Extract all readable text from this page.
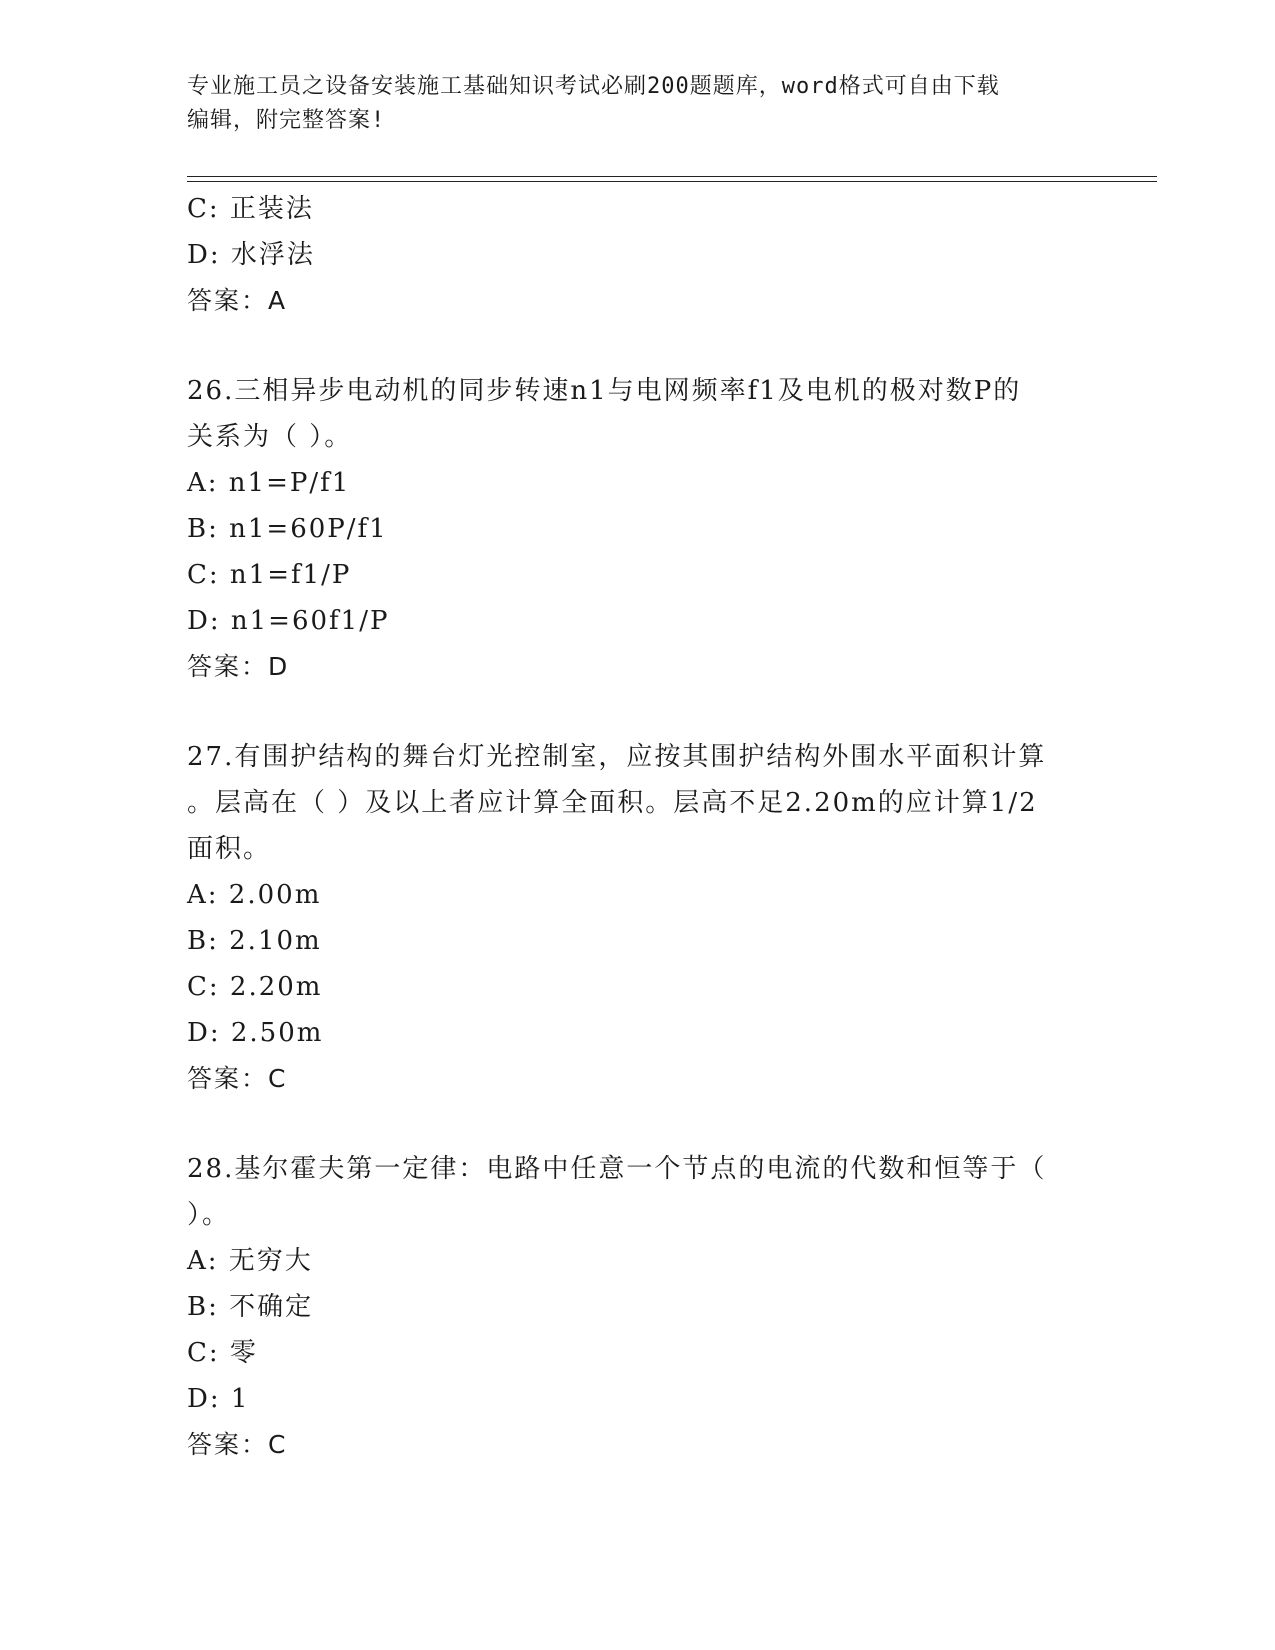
专业施工员之设备安装施工基础知识考试必刷200题题库，word格式可自由下载
编辑，附完整答案!
C: 正装法
D: 水浮法
答案：A
26.三相异步电动机的同步转速n1与电网频率f1及电机的极对数P的
关系为（ ）。
A: n1=P/f1
B: n1=60P/f1
C: n1=f1/P
D: n1=60f1/P
答案：D
27.有围护结构的舞台灯光控制室，应按其围护结构外围水平面积计算
。层高在（ ）及以上者应计算全面积。层高不足2.20m的应计算1/2
面积。
A: 2.00m
B: 2.10m
C: 2.20m
D: 2.50m
答案：C
28.基尔霍夫第一定律：电路中任意一个节点的电流的代数和恒等于（
）。
A: 无穷大
B: 不确定
C: 零
D: 1
答案：C
